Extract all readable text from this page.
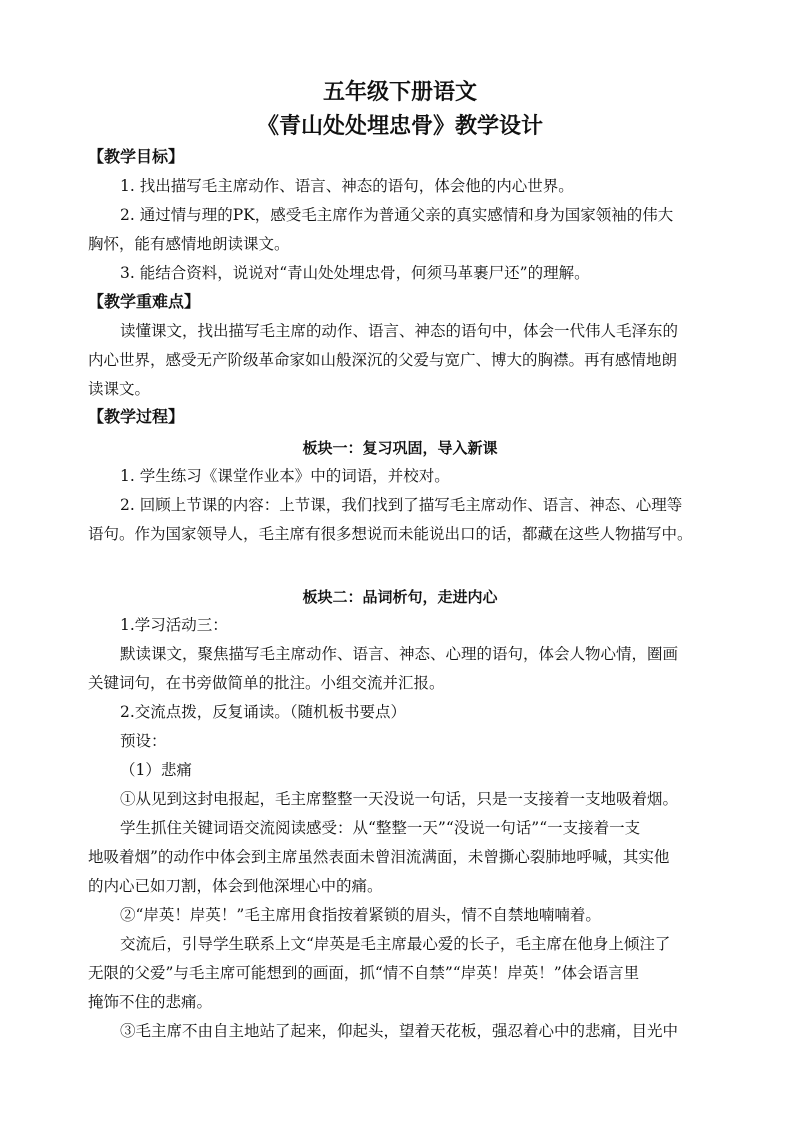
五年级下册语文
《青山处处埋忠骨》教学设计
【教学目标】
1. 找出描写毛主席动作、语言、神态的语句，体会他的内心世界。
2. 通过情与理的PK，感受毛主席作为普通父亲的真实感情和身为国家领袖的伟大
胸怀，能有感情地朗读课文。
3. 能结合资料，说说对“青山处处埋忠骨，何须马革裹尸还”的理解。
【教学重难点】
读懂课文，找出描写毛主席的动作、语言、神态的语句中，体会一代伟人毛泽东的
内心世界，感受无产阶级革命家如山般深沉的父爱与宽广、博大的胸襟。再有感情地朗
读课文。
【教学过程】
板块一：复习巩固，导入新课
1. 学生练习《课堂作业本》中的词语，并校对。
2. 回顾上节课的内容：上节课，我们找到了描写毛主席动作、语言、神态、心理等
语句。作为国家领导人，毛主席有很多想说而未能说出口的话，都藏在这些人物描写中。
板块二：品词析句，走进内心
1.学习活动三：
默读课文，聚焦描写毛主席动作、语言、神态、心理的语句，体会人物心情，圈画
关键词句，在书旁做简单的批注。小组交流并汇报。
2.交流点拨，反复诵读。（随机板书要点）
预设：
（1）悲痛
①从见到这封电报起，毛主席整整一天没说一句话，只是一支接着一支地吸着烟。
学生抓住关键词语交流阅读感受：从“整整一天”“没说一句话”“一支接着一支
地吸着烟”的动作中体会到主席虽然表面未曾泪流满面，未曾撕心裂肺地呼喊，其实他
的内心已如刀割，体会到他深埋心中的痛。
②“岸英！岸英！”毛主席用食指按着紧锁的眉头，情不自禁地喃喃着。
交流后，引导学生联系上文“岸英是毛主席最心爱的长子，毛主席在他身上倾注了
无限的父爱”与毛主席可能想到的画面，抓“情不自禁”“岸英！岸英！”体会语言里
掩饰不住的悲痛。
③毛主席不由自主地站了起来，仰起头，望着天花板，强忍着心中的悲痛，目光中
